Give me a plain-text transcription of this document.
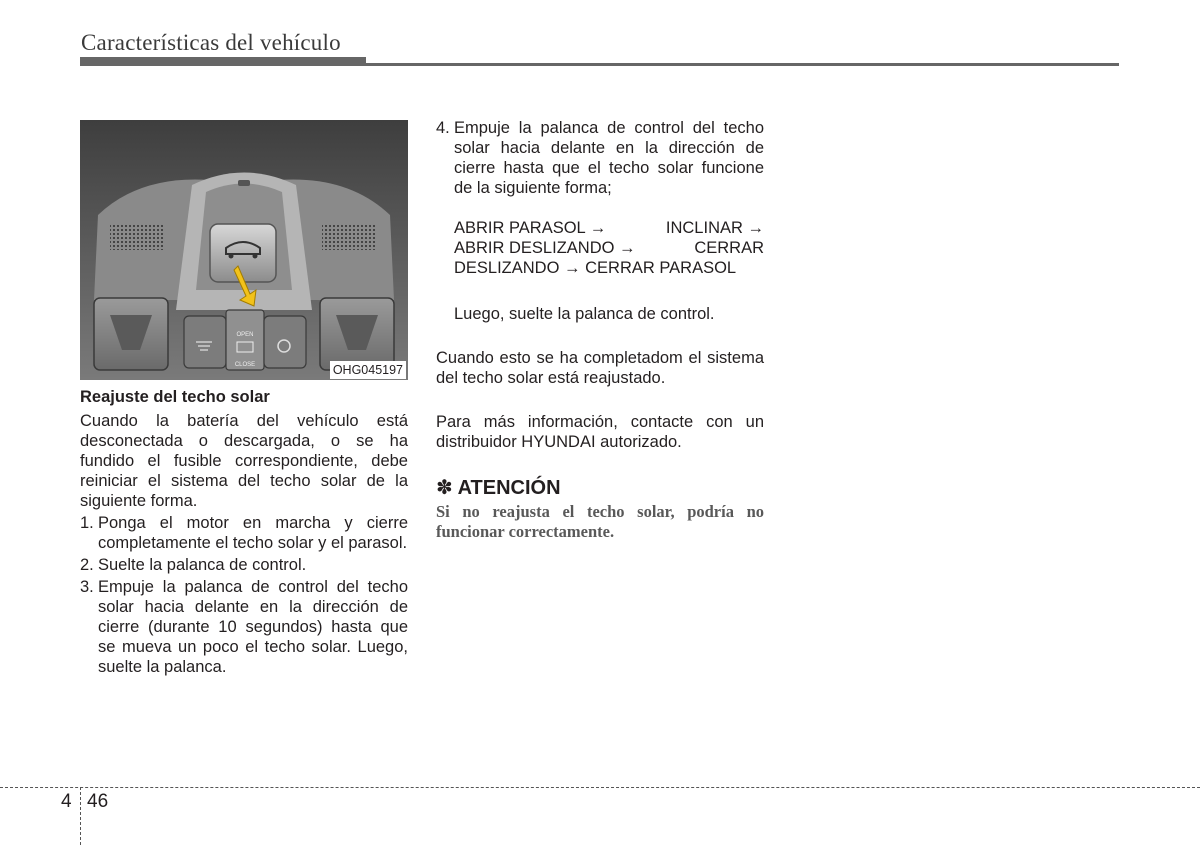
Características del vehículo
OPEN
CLOSE	OHG045197
Reajuste del techo solar

Cuando la batería del vehículo está desconectada o descargada, o se ha fundido el fusible correspondiente, debe reiniciar el sistema del techo solar de la siguiente forma.

1. Ponga el motor en marcha y cierre completamente el techo solar y el parasol.
2. Suelte la palanca de control.
3. Empuje la palanca de control del techo solar hacia delante en la dirección de cierre (durante 10 segundos) hasta que se mueva un poco el techo solar. Luego, suelte la palanca.
4. Empuje la palanca de control del techo solar hacia delante en la dirección de cierre hasta que el techo solar funcione de la siguiente forma;
ABRIR PARASOL →	INCLINAR →
ABRIR DESLIZANDO →	CERRAR
DESLIZANDO → CERRAR PARASOL
Luego, suelte la palanca de control.
Cuando esto se ha completadom el sistema del techo solar está reajustado.
Para más información, contacte con un distribuidor HYUNDAI autorizado.
✽ ATENCIÓN
Si no reajusta el techo solar, podría no funcionar correctamente.
4 46
